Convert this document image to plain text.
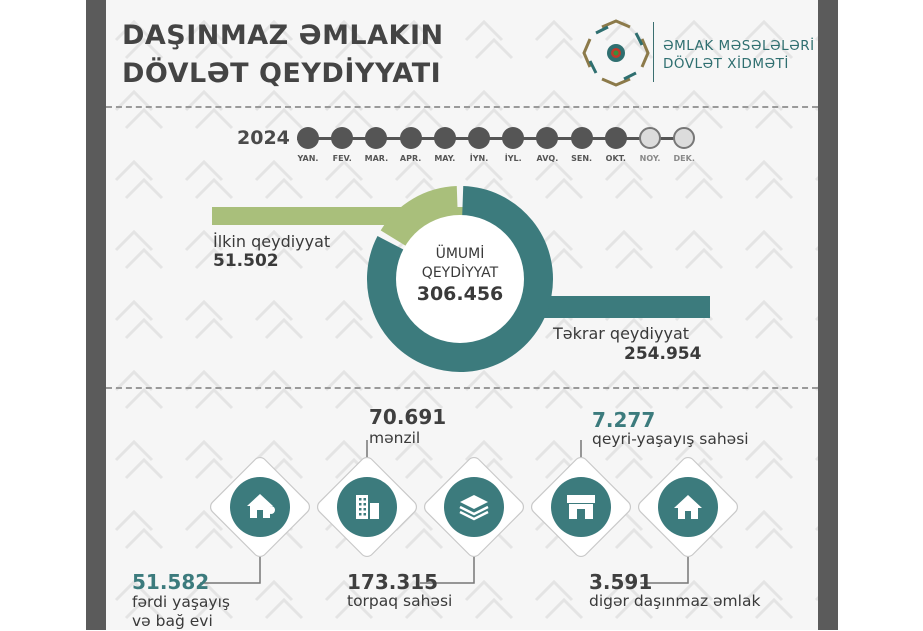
DAŞINMAZ ƏMLAKIN
DÖVLƏT QEYDİYYATI
ƏMLAK MƏSƏLƏLƏRİ
DÖVLƏT XİDMƏTİ
2024
YAN.	FEV.	MAR.	APR.	MAY.	İYN.	İYL.	AVQ.	SEN.	OKT.	NOY.	DEK.
ÜMUMİ
QEYDİYYAT
306.456
İlkin qeydiyyat
51.502
Təkrar qeydiyyat
254.954
51.582
fərdi yaşayış
və bağ evi
70.691
mənzil
173.315
torpaq sahəsi
7.277
qeyri-yaşayış sahəsi
3.591
digər daşınmaz əmlak
